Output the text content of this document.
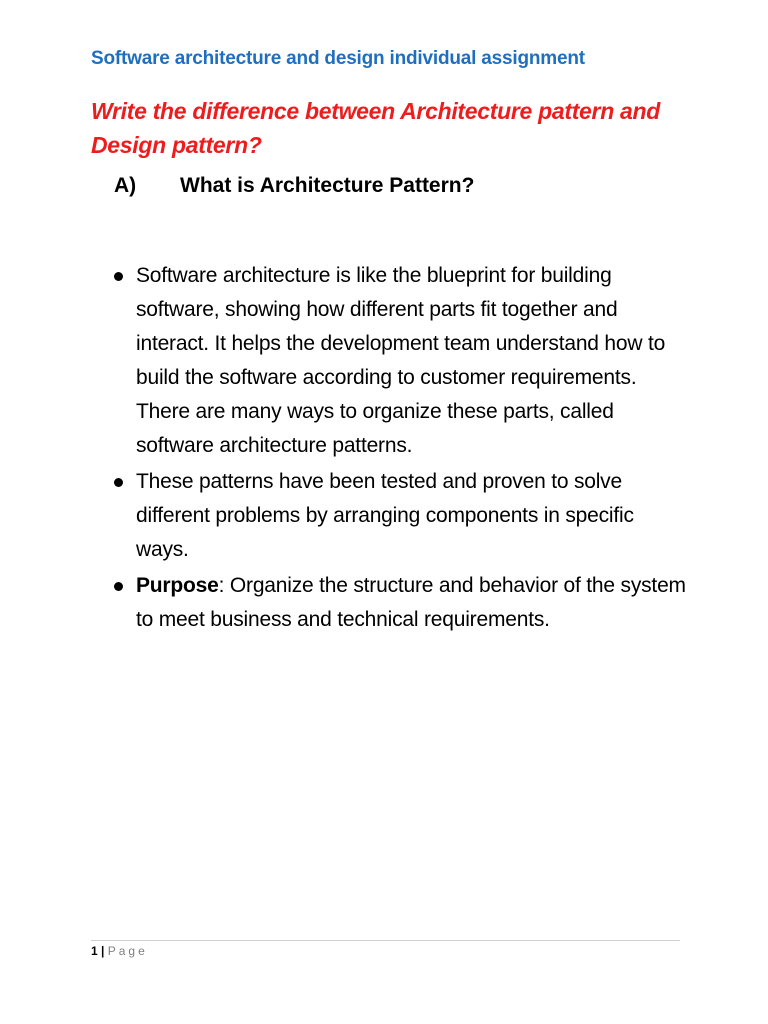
Software architecture and design individual assignment
Write the difference between Architecture pattern and Design pattern?
A) What is Architecture Pattern?
Software architecture is like the blueprint for building software, showing how different parts fit together and interact. It helps the development team understand how to build the software according to customer requirements. There are many ways to organize these parts, called software architecture patterns.
These patterns have been tested and proven to solve different problems by arranging components in specific ways.
Purpose: Organize the structure and behavior of the system to meet business and technical requirements.
1 | Page
